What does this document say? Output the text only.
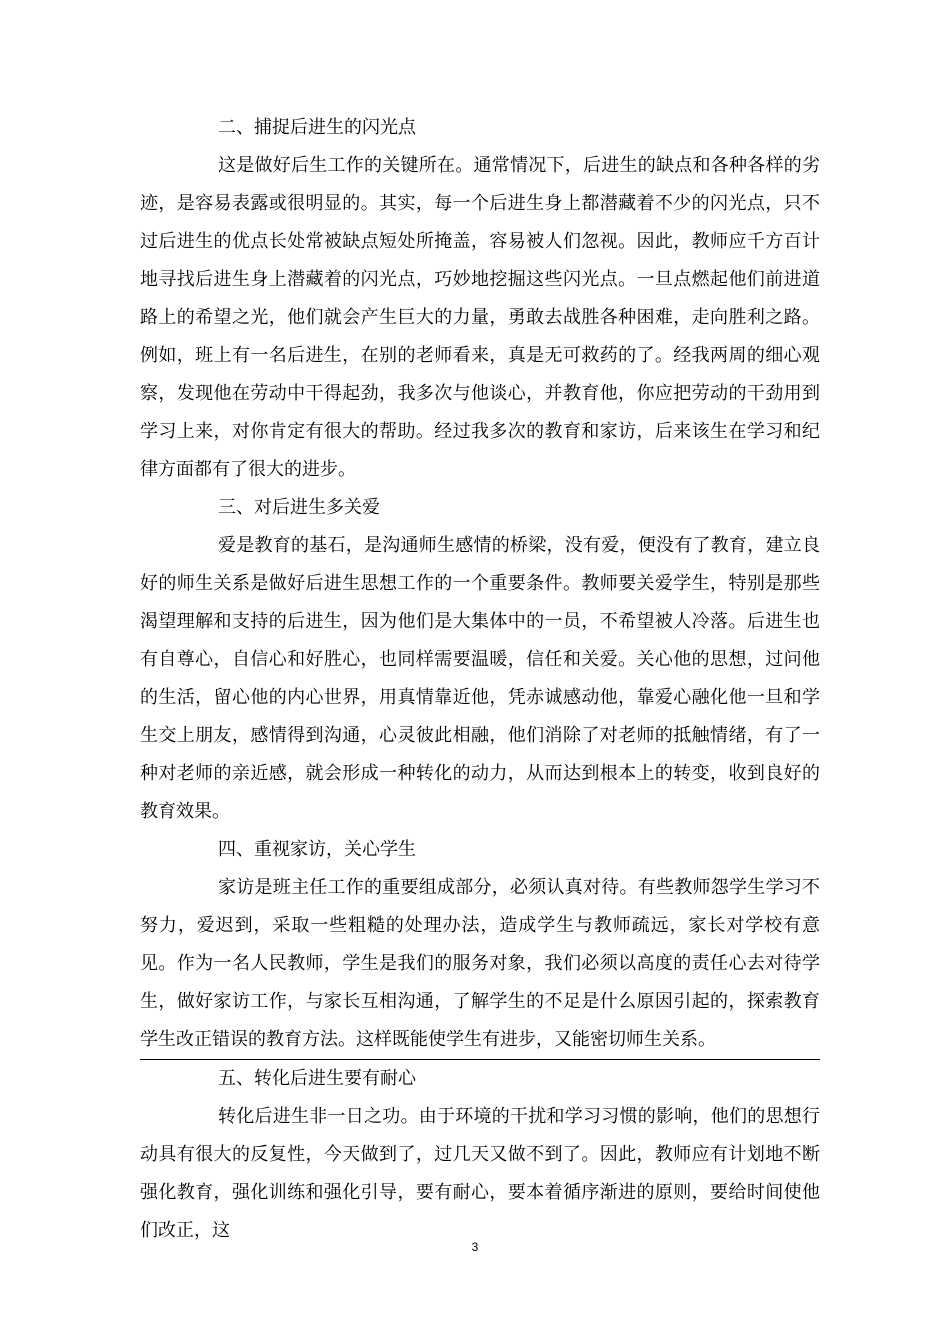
二、捕捉后进生的闪光点

这是做好后生工作的关键所在。通常情况下，后进生的缺点和各种各样的劣迹，是容易表露或很明显的。其实，每一个后进生身上都潜藏着不少的闪光点，只不过后进生的优点长处常被缺点短处所掩盖，容易被人们忽视。因此，教师应千方百计地寻找后进生身上潜藏着的闪光点，巧妙地挖掘这些闪光点。一旦点燃起他们前进道路上的希望之光，他们就会产生巨大的力量，勇敢去战胜各种困难，走向胜利之路。例如，班上有一名后进生，在别的老师看来，真是无可救药的了。经我两周的细心观察，发现他在劳动中干得起劲，我多次与他谈心，并教育他，你应把劳动的干劲用到学习上来，对你肯定有很大的帮助。经过我多次的教育和家访，后来该生在学习和纪律方面都有了很大的进步。

三、对后进生多关爱

爱是教育的基石，是沟通师生感情的桥梁，没有爱，便没有了教育，建立良好的师生关系是做好后进生思想工作的一个重要条件。教师要关爱学生，特别是那些渴望理解和支持的后进生，因为他们是大集体中的一员，不希望被人冷落。后进生也有自尊心，自信心和好胜心，也同样需要温暖，信任和关爱。关心他的思想，过问他的生活，留心他的内心世界，用真情靠近他，凭赤诚感动他，靠爱心融化他一旦和学生交上朋友，感情得到沟通，心灵彼此相融，他们消除了对老师的抵触情绪，有了一种对老师的亲近感，就会形成一种转化的动力，从而达到根本上的转变，收到良好的教育效果。

四、重视家访，关心学生

家访是班主任工作的重要组成部分，必须认真对待。有些教师怨学生学习不努力，爱迟到，采取一些粗糙的处理办法，造成学生与教师疏远，家长对学校有意见。作为一名人民教师，学生是我们的服务对象，我们必须以高度的责任心去对待学生，做好家访工作，与家长互相沟通，了解学生的不足是什么原因引起的，探索教育学生改正错误的教育方法。这样既能使学生有进步，又能密切师生关系。

五、转化后进生要有耐心

转化后进生非一日之功。由于环境的干扰和学习习惯的影响，他们的思想行动具有很大的反复性，今天做到了，过几天又做不到了。因此，教师应有计划地不断强化教育，强化训练和强化引导，要有耐心，要本着循序渐进的原则，要给时间使他们改正，这

3
